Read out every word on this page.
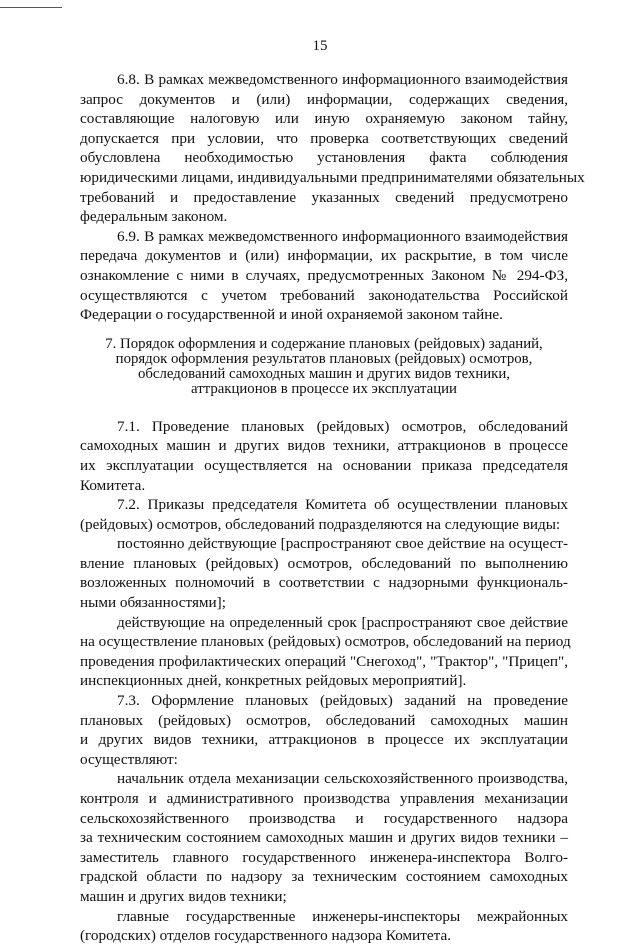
15
6.8. В рамках межведомственного информационного взаимодействия
запрос документов и (или) информации, содержащих сведения,
составляющие налоговую или иную охраняемую законом тайну,
допускается при условии, что проверка соответствующих сведений
обусловлена необходимостью установления факта соблюдения
юридическими лицами, индивидуальными предпринимателями обязательных
требований и предоставление указанных сведений предусмотрено
федеральным законом.
6.9. В рамках межведомственного информационного взаимодействия
передача документов и (или) информации, их раскрытие, в том числе
ознакомление с ними в случаях, предусмотренных Законом № 294-ФЗ,
осуществляются с учетом требований законодательства Российской
Федерации о государственной и иной охраняемой законом тайне.
7. Порядок оформления и содержание плановых (рейдовых) заданий,
порядок оформления результатов плановых (рейдовых) осмотров,
обследований самоходных машин и других видов техники,
аттракционов в процессе их эксплуатации
7.1. Проведение плановых (рейдовых) осмотров, обследований
самоходных машин и других видов техники, аттракционов в процессе
их эксплуатации осуществляется на основании приказа председателя
Комитета.
7.2. Приказы председателя Комитета об осуществлении плановых
(рейдовых) осмотров, обследований подразделяются на следующие виды:
постоянно действующие [распространяют свое действие на осущест-
вление плановых (рейдовых) осмотров, обследований по выполнению
возложенных полномочий в соответствии с надзорными функциональ-
ными обязанностями];
действующие на определенный срок [распространяют свое действие
на осуществление плановых (рейдовых) осмотров, обследований на период
проведения профилактических операций "Снегоход", "Трактор", "Прицеп",
инспекционных дней, конкретных рейдовых мероприятий].
7.3. Оформление плановых (рейдовых) заданий на проведение
плановых (рейдовых) осмотров, обследований самоходных машин
и других видов техники, аттракционов в процессе их эксплуатации
осуществляют:
начальник отдела механизации сельскохозяйственного производства,
контроля и административного производства управления механизации
сельскохозяйственного производства и государственного надзора
за техническим состоянием самоходных машин и других видов техники –
заместитель главного государственного инженера-инспектора Волго-
градской области по надзору за техническим состоянием самоходных
машин и других видов техники;
главные государственные инженеры-инспекторы межрайонных
(городских) отделов государственного надзора Комитета.
